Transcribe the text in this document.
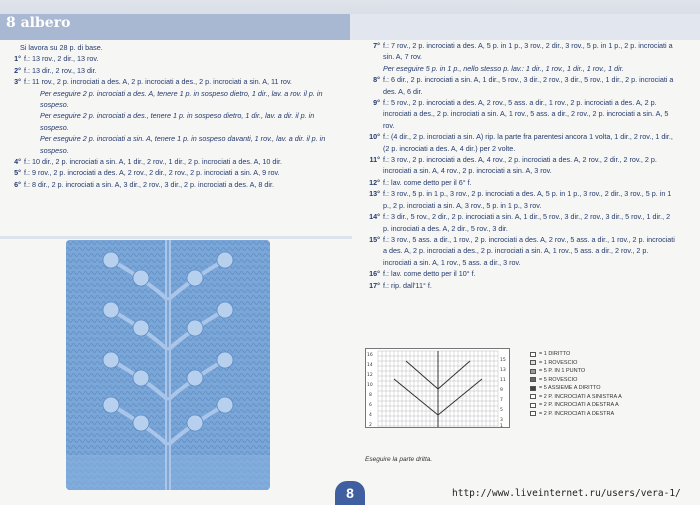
8 albero
Si lavora su 28 p. di base.
1° f.: 13 rov., 2 dir., 13 rov.
2° f.: 13 dir., 2 rov., 13 dir.
3° f.: 11 rov., 2 p. incrociati a des. A, 2 p. incrociati a des., 2 p. incrociati a sin. A, 11 rov.
Per eseguire 2 p. incrociati a des. A, tenere 1 p. in sospeso dietro, 1 dir., lav. a rov. il p. in sospeso.
Per eseguire 2 p. incrociati a des., tenere 1 p. in sospeso dietro, 1 dir., lav. a dir. il p. in sospeso.
Per eseguire 2 p. incrociati a sin. A, tenere 1 p. in sospeso davanti, 1 rov., lav. a dir. il p. in sospeso.
4° f.: 10 dir., 2 p. incrociati a sin. A, 1 dir., 2 rov., 1 dir., 2 p. incrociati a des. A, 10 dir.
5° f.: 9 rov., 2 p. incrociati a des. A, 2 rov., 2 dir., 2 rov., 2 p. incrociati a sin. A, 9 rov.
6° f.: 8 dir., 2 p. incrociati a sin. A, 3 dir., 2 rov., 3 dir., 2 p. incrociati a des. A, 8 dir.
7° f.: 7 rov., 2 p. incrociati a des. A, 5 p. in 1 p., 3 rov., 2 dir., 3 rov., 5 p. in 1 p., 2 p. incrociati a sin. A, 7 rov.
Per eseguire 5 p. in 1 p., nello stesso p. lav.: 1 dir., 1 rov., 1 dir., 1 rov., 1 dir.
8° f.: 6 dir., 2 p. incrociati a sin. A, 1 dir., 5 rov., 3 dir., 2 rov., 3 dir., 5 rov., 1 dir., 2 p. incrociati a des. A, 6 dir.
9° f.: 5 rov., 2 p. incrociati a des. A, 2 rov., 5 ass. a dir., 1 rov., 2 p. incrociati a des. A, 2 p. incrociati a des., 2 p. incrociati a sin. A, 1 rov., 5 ass. a dir., 2 rov., 2 p. incrociati a sin. A, 5 rov.
10° f.: (4 dir., 2 p. incrociati a sin. A) rip. la parte fra parentesi ancora 1 volta, 1 dir., 2 rov., 1 dir., (2 p. incrociati a des. A, 4 dir.) per 2 volte.
11° f.: 3 rov., 2 p. incrociati a des. A, 4 rov., 2 p. incrociati a des. A, 2 rov., 2 dir., 2 rov., 2 p. incrociati a sin. A, 4 rov., 2 p. incrociati a sin. A, 3 rov.
12° f.: lav. come detto per il 6° f.
13° f.: 3 rov., 5 p. in 1 p., 3 rov., 2 p. incrociati a des. A, 5 p. in 1 p., 3 rov., 2 dir., 3 rov., 5 p. in 1 p., 2 p. incrociati a sin. A, 3 rov., 5 p. in 1 p., 3 rov.
14° f.: 3 dir., 5 rov., 2 dir., 2 p. incrociati a sin. A, 1 dir., 5 rov., 3 dir., 2 rov., 3 dir., 5 rov., 1 dir., 2 p. incrociati a des. A, 2 dir., 5 rov., 3 dir.
15° f.: 3 rov., 5 ass. a dir., 1 rov., 2 p. incrociati a des. A, 2 rov., 5 ass. a dir., 1 rov., 2 p. incrociati a des. A, 2 p. incrociati a des., 2 p. incrociati a sin. A, 1 rov., 5 ass. a dir., 2 rov., 2 p. incrociati a sin. A, 1 rov., 5 ass. a dir., 3 rov.
16° f.: lav. come detto per il 10° f.
17° f.: rip. dall'11° f.
16
14
12
10
8
6
4
2
15
13
11
9
7
5
3
1
= 1 DIRITTO
= 1 ROVESCIO
= 5 P. IN 1 PUNTO
= 5 ROVESCIO
= 5 ASSIEME A DIRITTO
= 2 P. INCROCIATI A SINISTRA A
= 2 P. INCROCIATI A DESTRA A
= 2 P. INCROCIATI A DESTRA
Eseguire la parte dritta.
8	http://www.liveinternet.ru/users/vera-1/
